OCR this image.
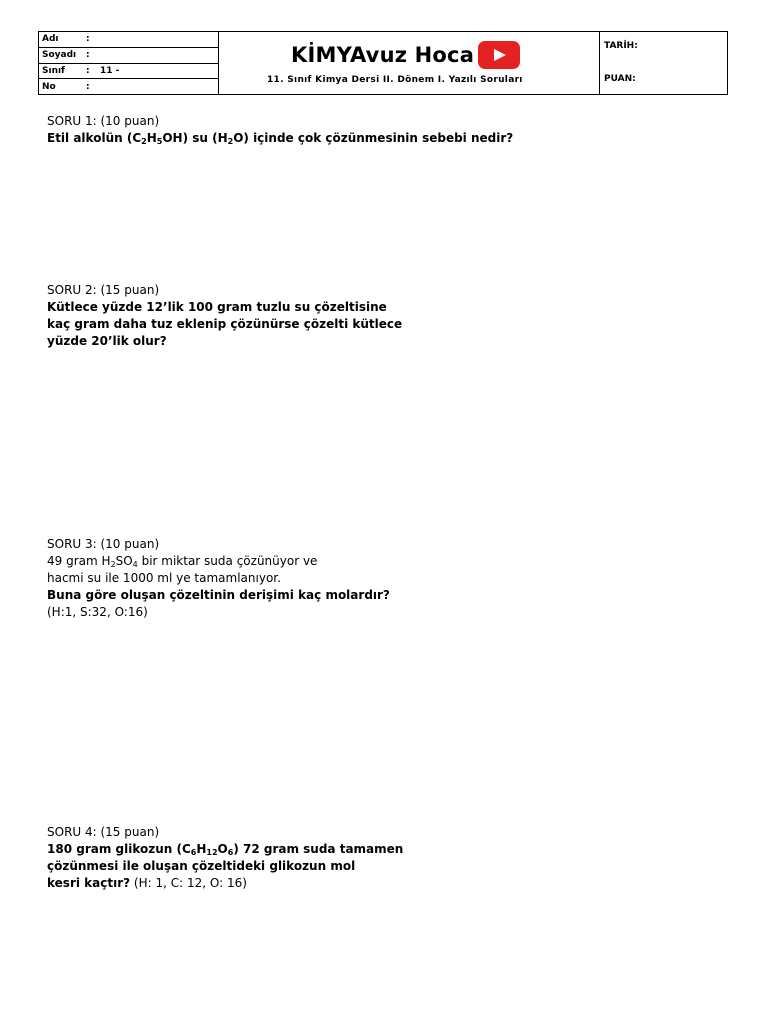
Adı	:
Soyadı	:
Sınıf	:	11 -
No	:
KİMYAvuz Hoca
11. Sınıf Kimya Dersi II. Dönem I. Yazılı Soruları
TARİH:
PUAN:
SORU 1: (10 puan)
Etil alkolün $(C_2H_5OH)$ su $(H_2O)$ içinde çok çözünmesinin sebebi nedir?
SORU 2: (15 puan)
Kütlece yüzde 12’lik 100 gram tuzlu su çözeltisine
kaç gram daha tuz eklenip çözünürse çözelti kütlece
yüzde 20’lik olur?
SORU 3: (10 puan)
49 gram $H_2SO_4$ bir miktar suda çözünüyor ve
hacmi su ile 1000 ml ye tamamlanıyor.
Buna göre oluşan çözeltinin derişimi kaç molardır?
(H:1, S:32, O:16)
SORU 4: (15 puan)
180 gram glikozun $(C_6H_{12}O_6)$ 72 gram suda tamamen
çözünmesi ile oluşan çözeltideki glikozun mol
kesri kaçtır? (H: 1, C: 12, O: 16)
